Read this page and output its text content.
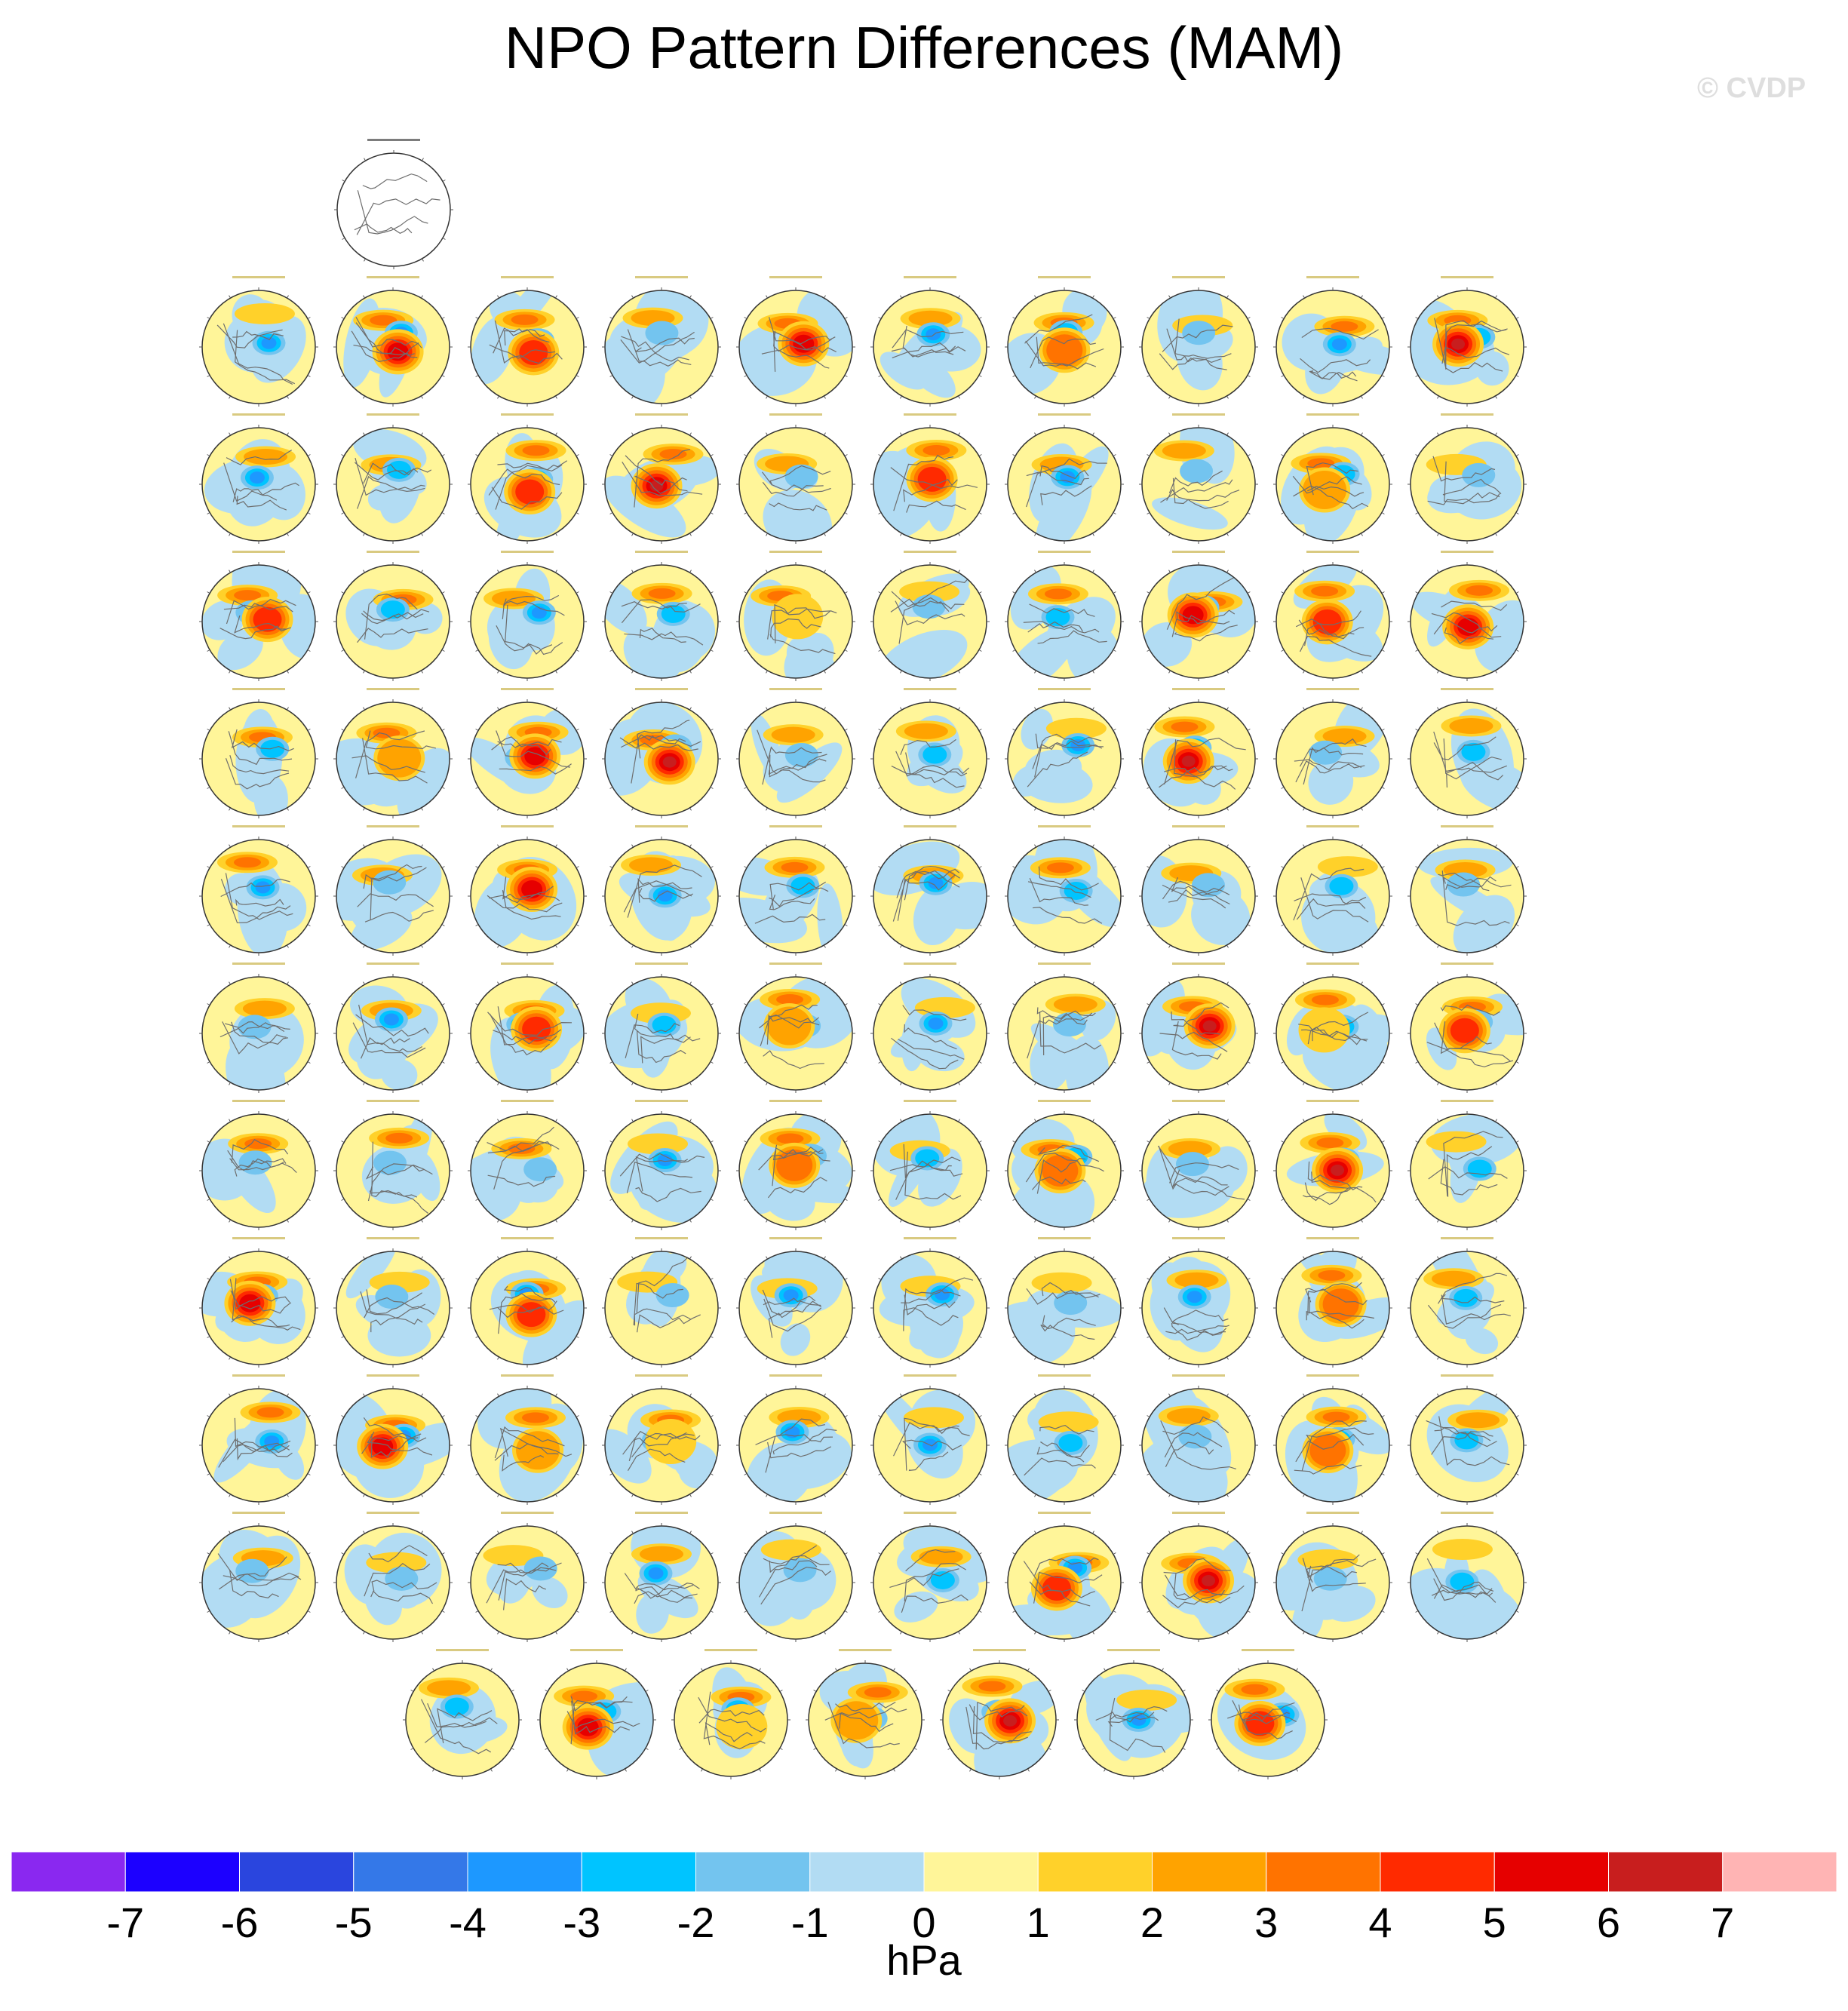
NPO Pattern Differences (MAM)
© CVDP
-7 -6 -5 -4 -3 -2 -1 0 1 2 3 4 5 6 7
hPa
